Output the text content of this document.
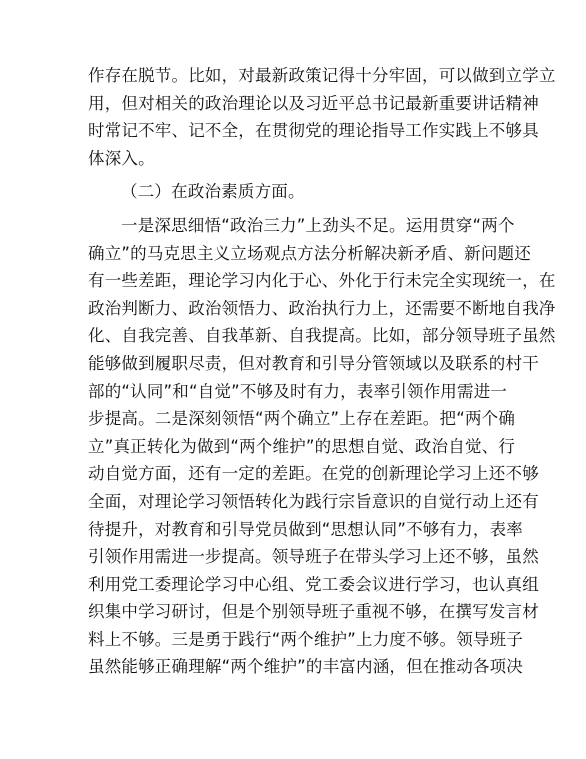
作存在脱节。比如，对最新政策记得十分牢固，可以做到立学立
用，但对相关的政治理论以及习近平总书记最新重要讲话精神
时常记不牢、记不全，在贯彻党的理论指导工作实践上不够具
体深入。
（二）在政治素质方面。
一是深思细悟“政治三力”上劲头不足。运用贯穿“两个
确立”的马克思主义立场观点方法分析解决新矛盾、新问题还
有一些差距，理论学习内化于心、外化于行未完全实现统一，在
政治判断力、政治领悟力、政治执行力上，还需要不断地自我净
化、自我完善、自我革新、自我提高。比如，部分领导班子虽然
能够做到履职尽责，但对教育和引导分管领域以及联系的村干
部的“认同”和“自觉”不够及时有力，表率引领作用需进一
步提高。二是深刻领悟“两个确立”上存在差距。把“两个确
立”真正转化为做到“两个维护”的思想自觉、政治自觉、行
动自觉方面，还有一定的差距。在党的创新理论学习上还不够
全面，对理论学习领悟转化为践行宗旨意识的自觉行动上还有
待提升，对教育和引导党员做到“思想认同”不够有力，表率
引领作用需进一步提高。领导班子在带头学习上还不够，虽然
利用党工委理论学习中心组、党工委会议进行学习，也认真组
织集中学习研讨，但是个别领导班子重视不够，在撰写发言材
料上不够。三是勇于践行“两个维护”上力度不够。领导班子
虽然能够正确理解“两个维护”的丰富内涵，但在推动各项决
